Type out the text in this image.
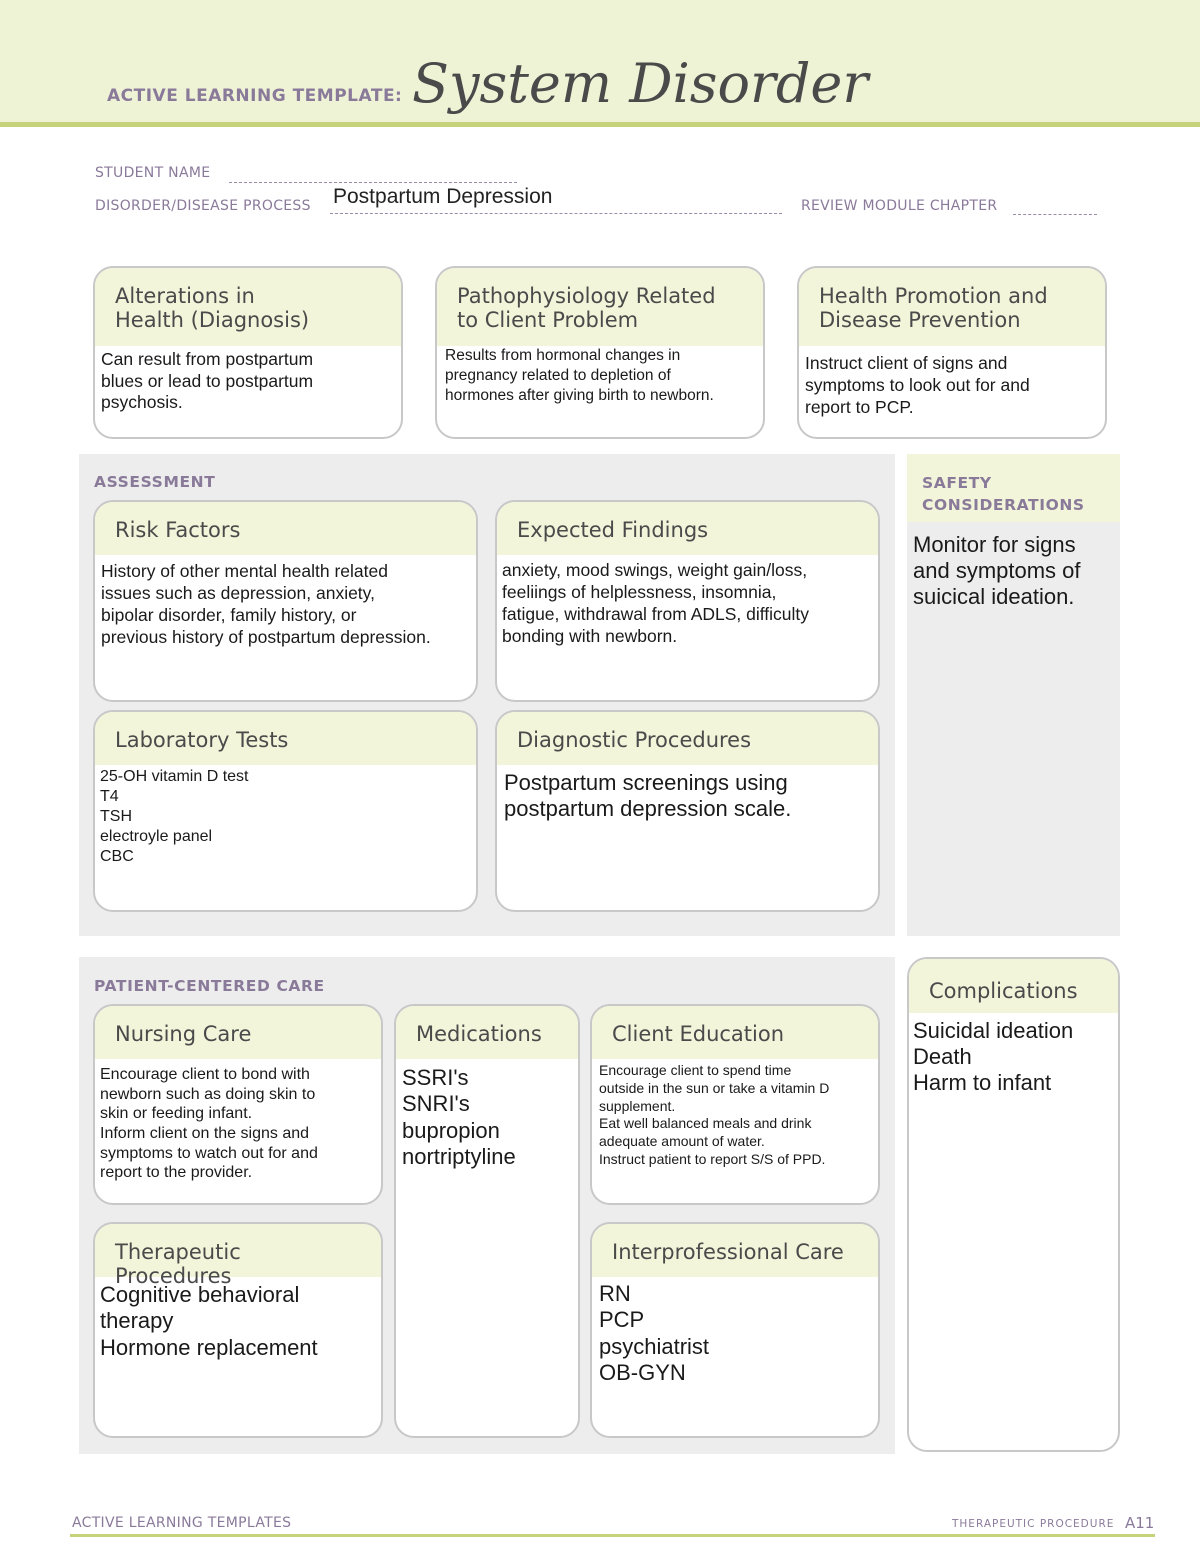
ACTIVE LEARNING TEMPLATE: System Disorder
STUDENT NAME
DISORDER/DISEASE PROCESS Postpartum Depression	REVIEW MODULE CHAPTER
Alterations in
Health (Diagnosis)
Can result from postpartum
blues or lead to postpartum
psychosis.
Pathophysiology Related
to Client Problem
Results from hormonal changes in
pregnancy related to depletion of
hormones after giving birth to newborn.
Health Promotion and
Disease Prevention
Instruct client of signs and
symptoms to look out for and
report to PCP.
ASSESSMENT
Risk Factors
History of other mental health related
issues such as depression, anxiety,
bipolar disorder, family history, or
previous history of postpartum depression.
Expected Findings
anxiety, mood swings, weight gain/loss,
feeliings of helplessness, insomnia,
fatigue, withdrawal from ADLS, difficulty
bonding with newborn.
Laboratory Tests
25-OH vitamin D test
T4
TSH
electroyle panel
CBC
Diagnostic Procedures
Postpartum screenings using
postpartum depression scale.
SAFETY
CONSIDERATIONS
Monitor for signs
and symptoms of
suicical ideation.
PATIENT-CENTERED CARE
Nursing Care
Encourage client to bond with
newborn such as doing skin to
skin or feeding infant.
Inform client on the signs and
symptoms to watch out for and
report to the provider.
Medications
SSRI's
SNRI's
bupropion
nortriptyline
Client Education
Encourage client to spend time
outside in the sun or take a vitamin D
supplement.
Eat well balanced meals and drink
adequate amount of water.
Instruct patient to report S/S of PPD.
Therapeutic Procedures
Cognitive behavioral
therapy
Hormone replacement
Interprofessional Care
RN
PCP
psychiatrist
OB-GYN
Complications
Suicidal ideation
Death
Harm to infant
ACTIVE LEARNING TEMPLATES	THERAPEUTIC PROCEDURE A11
